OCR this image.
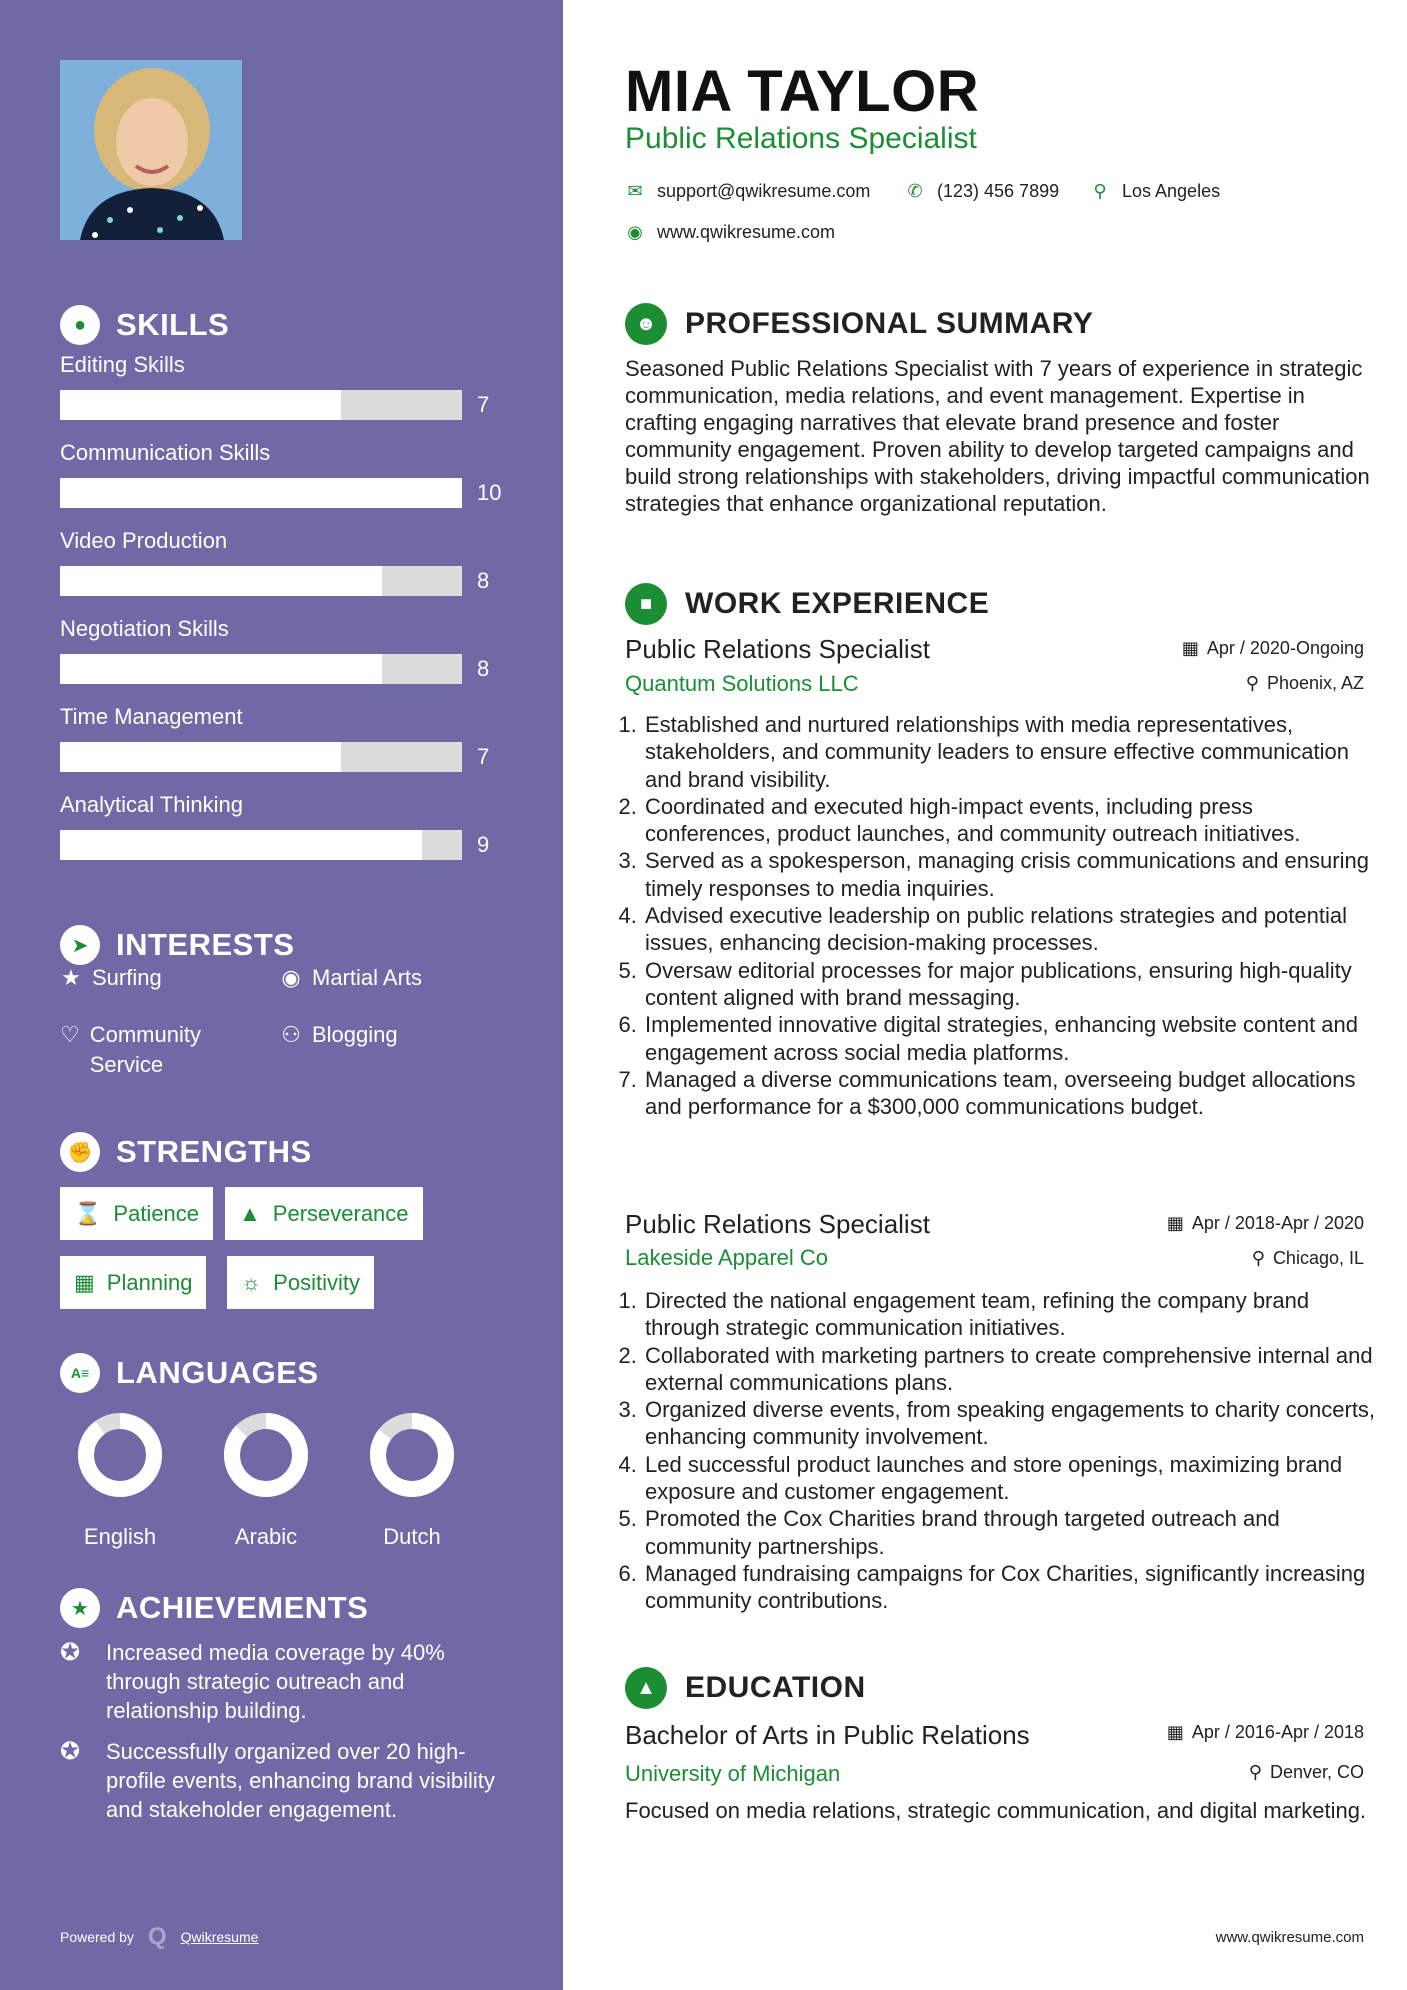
● SKILLS
Editing Skills
7
Communication Skills
10
Video Production
8
Negotiation Skills
8
Time Management
7
Analytical Thinking
9
➤ INTERESTS
★ Surfing	◉ Martial Arts
♡ Community Service
⚇ Blogging
✊ STRENGTHS
⌛ Patience ▲ Perseverance
▦ Planning ☼ Positivity
A≡ LANGUAGES
English	Arabic	Dutch
★ ACHIEVEMENTS
✪	Increased media coverage by 40% through strategic outreach and relationship building.
✪	Successfully organized over 20 high-profile events, enhancing brand visibility and stakeholder engagement.
Powered by Q Qwikresume
MIA TAYLOR
Public Relations Specialist
✉ support@qwikresume.com ✆ (123) 456 7899 ⚲ Los Angeles
◉ www.qwikresume.com
☻ PROFESSIONAL SUMMARY
Seasoned Public Relations Specialist with 7 years of experience in strategic communication, media relations, and event management. Expertise in crafting engaging narratives that elevate brand presence and foster community engagement. Proven ability to develop targeted campaigns and build strong relationships with stakeholders, driving impactful communication strategies that enhance organizational reputation.
■	WORK EXPERIENCE
Public Relations Specialist	▦ Apr / 2020-Ongoing
Quantum Solutions LLC	⚲ Phoenix, AZ
1. Established and nurtured relationships with media representatives, stakeholders, and community leaders to ensure effective communication and brand visibility.
2. Coordinated and executed high-impact events, including press conferences, product launches, and community outreach initiatives.
3. Served as a spokesperson, managing crisis communications and ensuring timely responses to media inquiries.
4. Advised executive leadership on public relations strategies and potential issues, enhancing decision-making processes.
5. Oversaw editorial processes for major publications, ensuring high-quality content aligned with brand messaging.
6. Implemented innovative digital strategies, enhancing website content and engagement across social media platforms.
7. Managed a diverse communications team, overseeing budget allocations and performance for a $300,000 communications budget.
Public Relations Specialist	▦ Apr / 2018-Apr / 2020
Lakeside Apparel Co	⚲ Chicago, IL
1. Directed the national engagement team, refining the company brand through strategic communication initiatives.
2. Collaborated with marketing partners to create comprehensive internal and external communications plans.
3. Organized diverse events, from speaking engagements to charity concerts, enhancing community involvement.
4. Led successful product launches and store openings, maximizing brand exposure and customer engagement.
5. Promoted the Cox Charities brand through targeted outreach and community partnerships.
6. Managed fundraising campaigns for Cox Charities, significantly increasing community contributions.
▲ EDUCATION
Bachelor of Arts in Public Relations	▦ Apr / 2016-Apr / 2018
University of Michigan	⚲ Denver, CO
Focused on media relations, strategic communication, and digital marketing.
www.qwikresume.com
